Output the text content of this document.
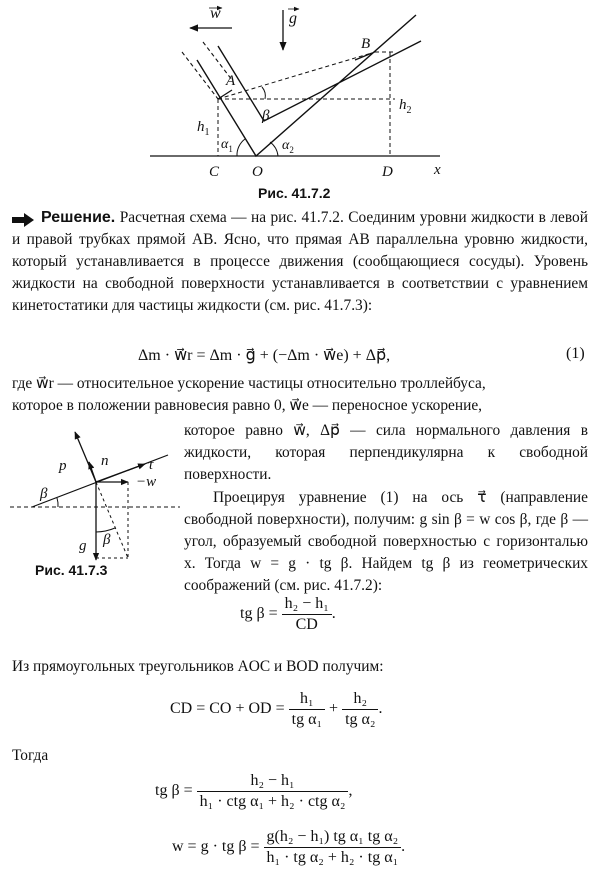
w	g
A
B
$h_1$
$h_2$
β
$\alpha_1$	$\alpha_2$
C O	D	x
Рис. 41.7.2
Решение. Расчетная схема — на рис. 41.7.2. Соединим уровни жидкости в левой и правой трубках прямой AB. Ясно, что прямая AB параллельна уровню жидкости, который устанавливается в процессе движения (сообщающиеся сосуды). Уровень жидкости на свободной поверхности устанавливается в соответствии с уравнением кинетостатики для частицы жидкости (см. рис. 41.7.3):
Δm · w⃗r = Δm · g⃗ + (−Δm · w⃗e) + Δp⃗,	(1)
где w⃗r — относительное ускорение частицы относительно троллейбуса,
которое в положении равновесия равно 0, w⃗e — переносное ускорение,
p n	τ
−w
β
β
g
Рис. 41.7.3
которое равно w⃗, Δp⃗ — сила нормального давления в жидкости, которая перпендикулярна к свободной поверхности.
Проецируя уравнение (1) на ось τ⃗ (направление свободной поверхности), получим: g sin β = w cos β, где β — угол, образуемый свободной поверхностью с горизонталью x. Тогда w = g · tg β. Найдем tg β из геометрических соображений (см. рис. 41.7.2):
tg $\beta = \frac{\text{h₂ − h₁}}{CD}$ .
Из прямоугольных треугольников AOC и BOD получим:
CD = CO + OD = $\frac{\text{h₁}}{\text{tg α₁}} + \frac{\text{h₂}}{\text{tg α₂}}$ .
Тогда
tg $\beta = \frac{\text{h₂ − h₁}}{\text{h₁ · ctg α₁ + h₂ · ctg α₂}}$ ,
w = g · tg $\beta = \frac{\text{g(h₂ − h₁) tg α₁ tg α₂}}{\text{h₁ · tg α₂ + h₂ · tg α₁}}$ .
